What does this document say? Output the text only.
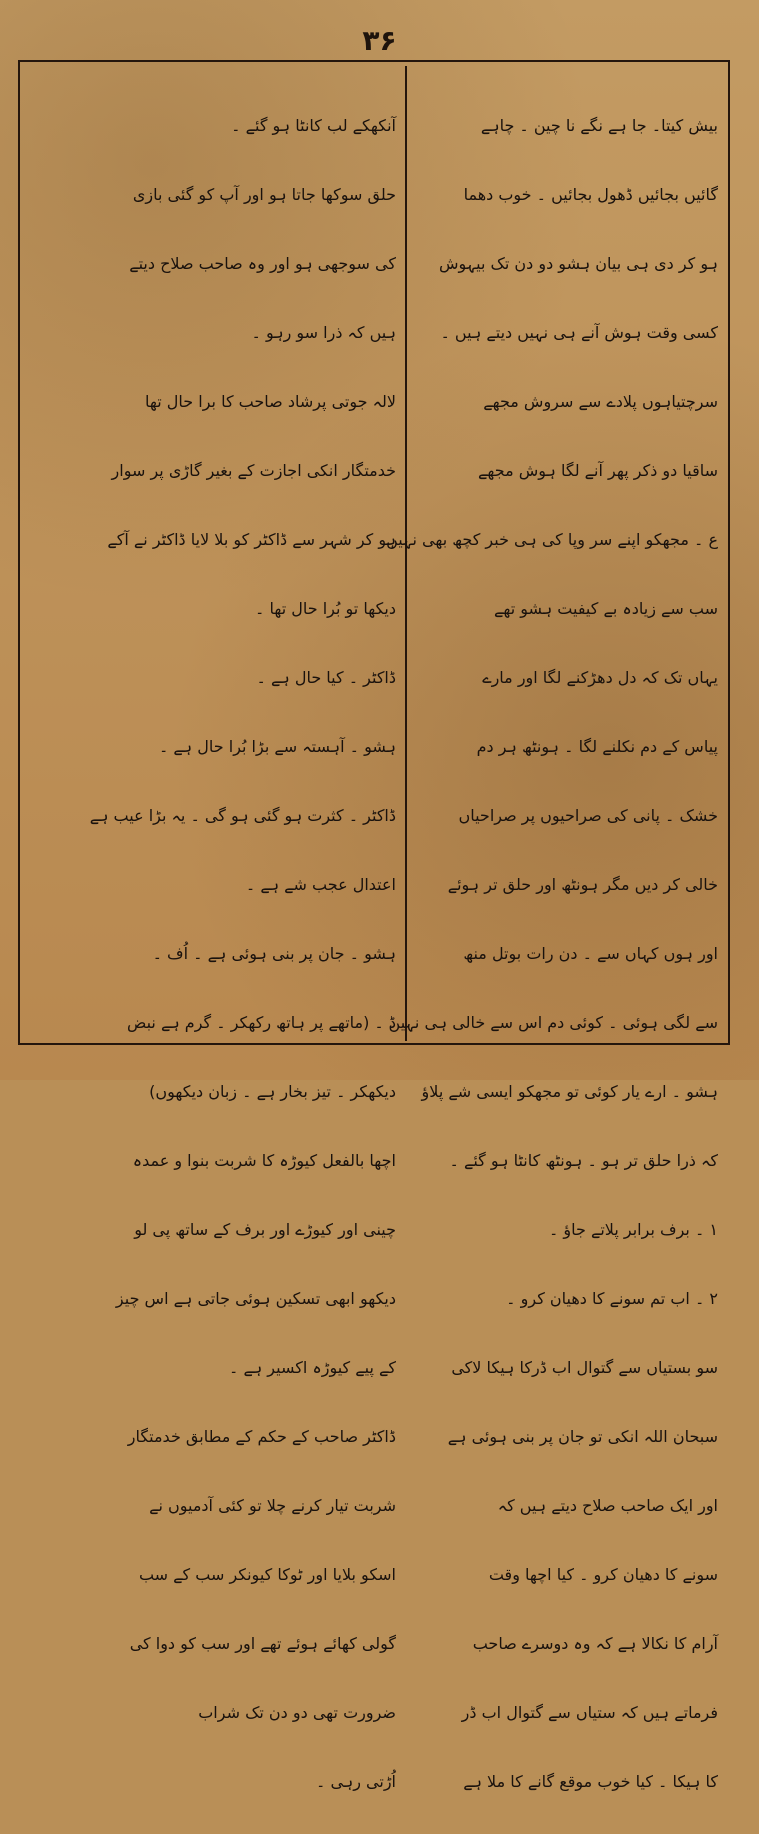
۳۶

بیش کیتا۔ جا ہے نگے نا چین ۔ چاہے

گائیں بجائیں ڈھول بجائیں ۔ خوب دھما

ہو کر دی ہی بیان ہشو دو دن تک بیہوش

کسی وقت ہوش آنے ہی نہیں دیتے ہیں ۔

سرچتیاہوں پلادے سے سروش مجھے

ساقیا دو ذکر پھر آنے لگا ہوش مجھے

ع ۔ مجھکو اپنے سر وپا کی ہی خبر کچھ بھی نہیں

سب سے زیادہ بے کیفیت ہشو تھے

یہاں تک کہ دل دھڑکنے لگا اور مارے

پیاس کے دم نکلنے لگا ۔ ہونٹھ ہر دم

خشک ۔ پانی کی صراحیوں پر صراحیاں

خالی کر دیں مگر ہونٹھ اور حلق تر ہوئے

اور ہوں کہاں سے ۔ دن رات بوتل منھ

سے لگی ہوئی ۔ کوئی دم اس سے خالی ہی نہیں

ہشو ۔ ارے یار کوئی تو مجھکو ایسی شے پلاؤ

کہ ذرا حلق تر ہو ۔ ہونٹھ کانٹا ہو گئے ۔

۱ ۔ برف برابر پلاتے جاؤ ۔

۲ ۔ اب تم سونے کا دھیان کرو ۔

سو بستیاں سے گتوال اب ڈرکا ہیکا لاکی

سبحان اللہ انکی تو جان پر بنی ہوئی ہے

اور ایک صاحب صلاح دیتے ہیں کہ

سونے کا دھیان کرو ۔ کیا اچھا وقت

آرام کا نکالا ہے کہ وہ دوسرے صاحب

فرماتے ہیں کہ ستیاں سے گتوال اب ڈر

کا ہیکا ۔ کیا خوب موقع گانے کا ملا ہے

آنکھکے لب کانٹا ہو گئے ۔

حلق سوکھا جاتا ہو اور آپ کو گئی بازی

کی سوجھی ہو اور وہ صاحب صلاح دیتے

ہیں کہ ذرا سو رہو ۔

لالہ جوتی پرشاد صاحب کا برا حال تھا

خدمتگار انکی اجازت کے بغیر گاڑی پر سوار

ہو کر شہر سے ڈاکٹر کو بلا لایا ڈاکٹر نے آکے

دیکھا تو بُرا حال تھا ۔

ڈاکٹر ۔ کیا حال ہے ۔

ہشو ۔ آہستہ سے بڑا بُرا حال ہے ۔

ڈاکٹر ۔ کثرت ہو گئی ہو گی ۔ یہ بڑا عیب ہے

اعتدال عجب شے ہے ۔

ہشو ۔ جان پر بنی ہوئی ہے ۔ اُف ۔

ڈ ۔ (ماتھے پر ہاتھ رکھکر ۔ گرم ہے نبض

دیکھکر ۔ تیز بخار ہے ۔ زبان دیکھوں)

اچھا بالفعل کیوڑہ کا شربت بنوا و عمدہ

چینی اور کیوڑے اور برف کے ساتھ پی لو

دیکھو ابھی تسکین ہوئی جاتی ہے اس چیز

کے پیے کیوڑہ اکسیر ہے ۔

ڈاکٹر صاحب کے حکم کے مطابق خدمتگار

شربت تیار کرنے چلا تو کئی آدمیوں نے

اسکو بلایا اور ٹوکا کیونکر سب کے سب

گولی کھائے ہوئے تھے اور سب کو دوا کی

ضرورت تھی دو دن تک شراب

اُڑتی رہی ۔
